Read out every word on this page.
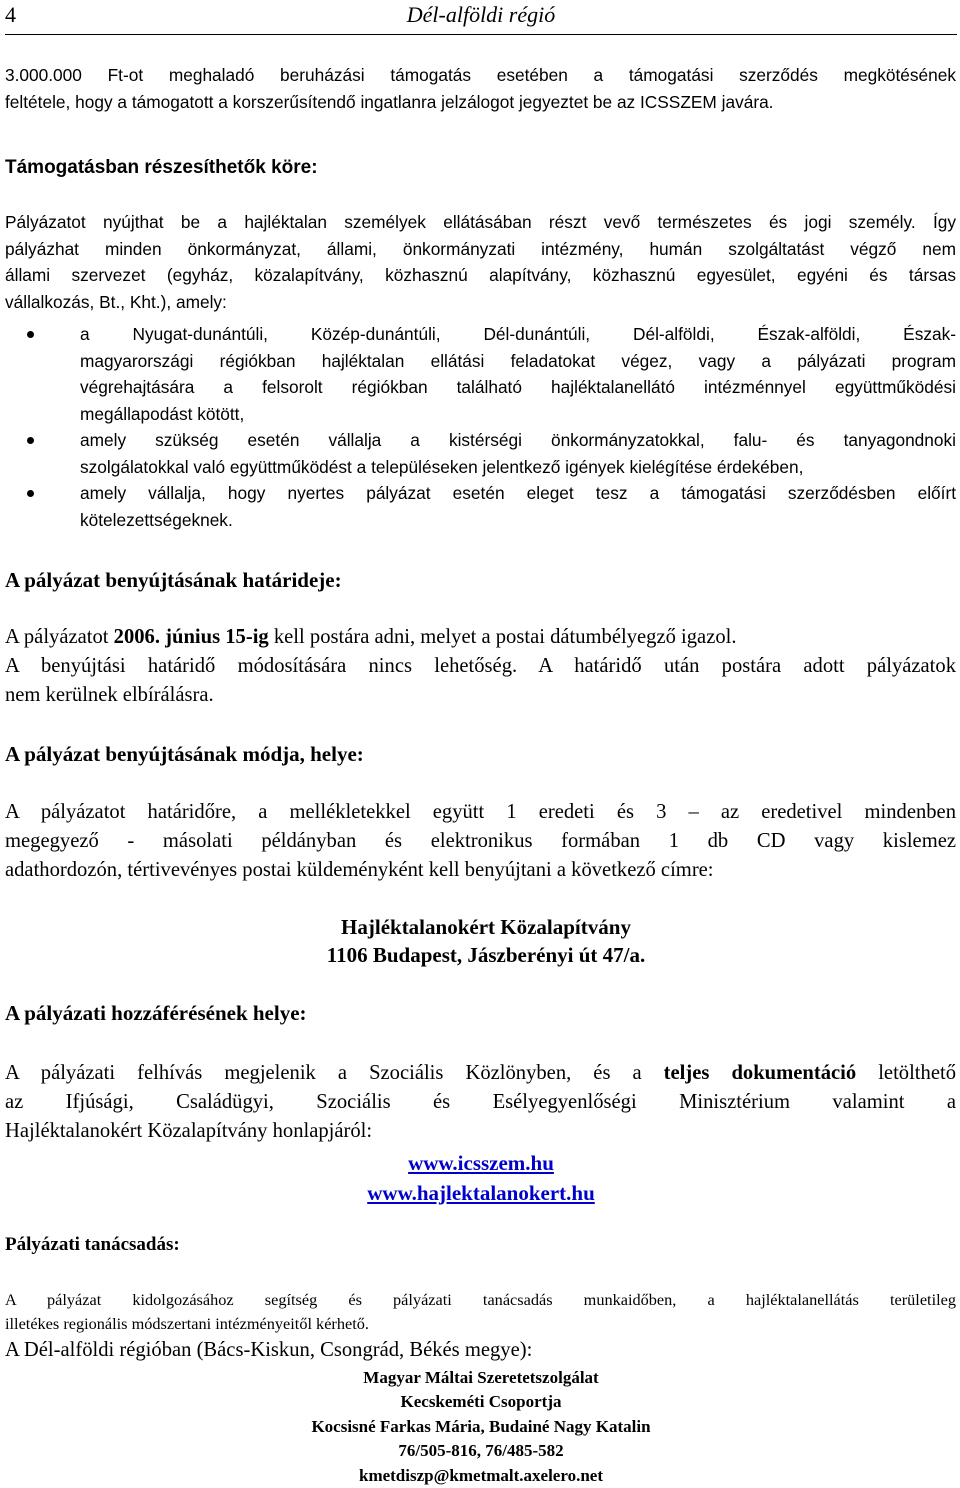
4	Dél-alföldi régió
3.000.000 Ft-ot meghaladó beruházási támogatás esetében a támogatási szerződés megkötésének
feltétele, hogy a támogatott a korszerűsítendő ingatlanra jelzálogot jegyeztet be az ICSSZEM javára.
Támogatásban részesíthetők köre:
Pályázatot nyújthat be a hajléktalan személyek ellátásában részt vevő természetes és jogi személy. Így
pályázhat minden önkormányzat, állami, önkormányzati intézmény, humán szolgáltatást végző nem
állami szervezet (egyház, közalapítvány, közhasznú alapítvány, közhasznú egyesület, egyéni és társas
vállalkozás, Bt., Kht.), amely:
a Nyugat-dunántúli, Közép-dunántúli, Dél-dunántúli, Dél-alföldi, Észak-alföldi, Észak-
magyarországi régiókban hajléktalan ellátási feladatokat végez, vagy a pályázati program
végrehajtására a felsorolt régiókban található hajléktalanellátó intézménnyel együttműködési
megállapodást kötött,
amely szükség esetén vállalja a kistérségi önkormányzatokkal, falu- és tanyagondnoki
szolgálatokkal való együttműködést a településeken jelentkező igények kielégítése érdekében,
amely vállalja, hogy nyertes pályázat esetén eleget tesz a támogatási szerződésben előírt
kötelezettségeknek.
A pályázat benyújtásának határideje:
A pályázatot 2006. június 15-ig kell postára adni, melyet a postai dátumbélyegző igazol.
A benyújtási határidő módosítására nincs lehetőség. A határidő után postára adott pályázatok
nem kerülnek elbírálásra.
A pályázat benyújtásának módja, helye:
A pályázatot határidőre, a mellékletekkel együtt 1 eredeti és 3 – az eredetivel mindenben
megegyező - másolati példányban és elektronikus formában 1 db CD vagy kislemez
adathordozón, tértivevényes postai küldeményként kell benyújtani a következő címre:
Hajléktalanokért Közalapítvány
1106 Budapest, Jászberényi út 47/a.
A pályázati hozzáférésének helye:
A pályázati felhívás megjelenik a Szociális Közlönyben, és a teljes dokumentáció letölthető
az Ifjúsági, Családügyi, Szociális és Esélyegyenlőségi Minisztérium valamint a
Hajléktalanokért Közalapítvány honlapjáról:
www.icsszem.hu
www.hajlektalanokert.hu
Pályázati tanácsadás:
A pályázat kidolgozásához segítség és pályázati tanácsadás munkaidőben, a hajléktalanellátás területileg
illetékes regionális módszertani intézményeitől kérhető.
A Dél-alföldi régióban (Bács-Kiskun, Csongrád, Békés megye):
Magyar Máltai Szeretetszolgálat
Kecskeméti Csoportja
Kocsisné Farkas Mária, Budainé Nagy Katalin
76/505-816, 76/485-582
kmetdiszp@kmetmalt.axelero.net
